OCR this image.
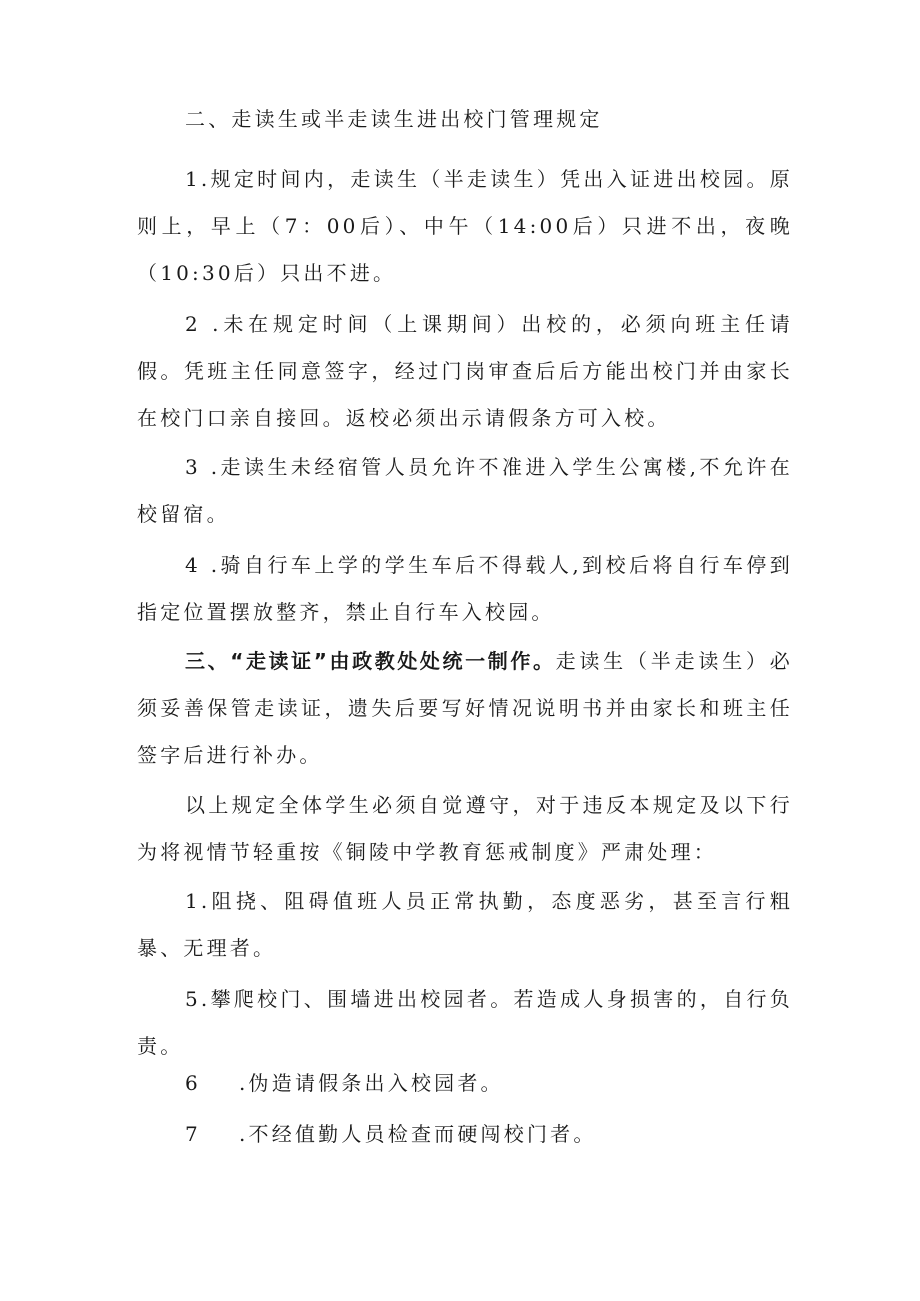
二、走读生或半走读生进出校门管理规定

1.规定时间内，走读生（半走读生）凭出入证进出校园。原则上，早上（7：00后）、中午（14:00后）只进不出，夜晚（10:30后）只出不进。

2 .未在规定时间（上课期间）出校的，必须向班主任请假。凭班主任同意签字，经过门岗审查后后方能出校门并由家长在校门口亲自接回。返校必须出示请假条方可入校。

3 .走读生未经宿管人员允许不准进入学生公寓楼,不允许在校留宿。

4 .骑自行车上学的学生车后不得载人,到校后将自行车停到指定位置摆放整齐，禁止自行车入校园。

三、“走读证”由政教处处统一制作。走读生（半走读生）必须妥善保管走读证，遗失后要写好情况说明书并由家长和班主任签字后进行补办。

以上规定全体学生必须自觉遵守，对于违反本规定及以下行为将视情节轻重按《铜陵中学教育惩戒制度》严肃处理：

1.阻挠、阻碍值班人员正常执勤，态度恶劣，甚至言行粗暴、无理者。

5.攀爬校门、围墙进出校园者。若造成人身损害的，自行负责。

6 .伪造请假条出入校园者。

7 .不经值勤人员检查而硬闯校门者。
